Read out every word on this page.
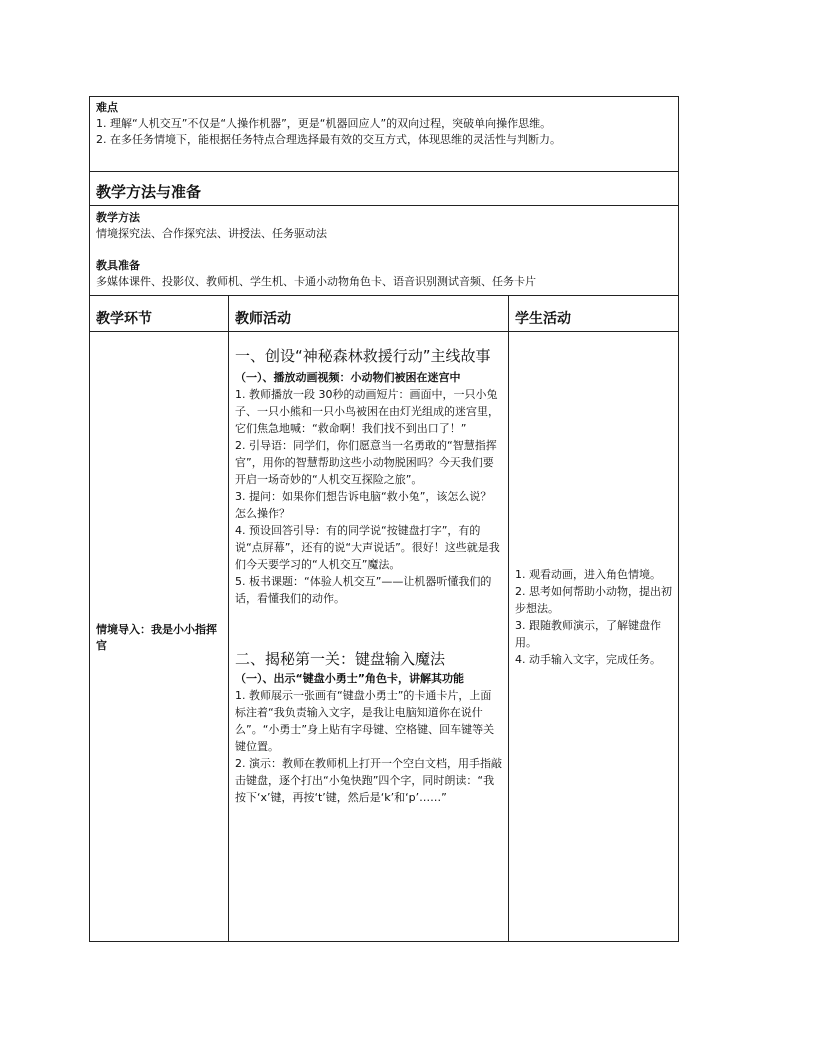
难点

1. 理解“人机交互”不仅是“人操作机器”，更是“机器回应人”的双向过程，突破单向操作思维。

2. 在多任务情境下，能根据任务特点合理选择最有效的交互方式，体现思维的灵活性与判断力。

教学方法与准备

教学方法

情境探究法、合作探究法、讲授法、任务驱动法

教具准备

多媒体课件、投影仪、教师机、学生机、卡通小动物角色卡、语音识别测试音频、任务卡片

教学环节	教师活动	学生活动

情境导入：我是小小指挥官

一、创设“神秘森林救援行动”主线故事

（一）、播放动画视频：小动物们被困在迷宫中

1. 教师播放一段 30秒的动画短片：画面中，一只小兔子、一只小熊和一只小鸟被困在由灯光组成的迷宫里，它们焦急地喊：“救命啊！我们找不到出口了！”

2. 引导语：同学们，你们愿意当一名勇敢的“智慧指挥官”，用你的智慧帮助这些小动物脱困吗？今天我们要开启一场奇妙的“人机交互探险之旅”。

3. 提问：如果你们想告诉电脑“救小兔”，该怎么说？怎么操作？

4. 预设回答引导：有的同学说“按键盘打字”，有的说“点屏幕”，还有的说“大声说话”。很好！这些就是我们今天要学习的“人机交互”魔法。

5. 板书课题：“体验人机交互”——让机器听懂我们的话，看懂我们的动作。

二、揭秘第一关：键盘输入魔法

（一）、出示“键盘小勇士”角色卡，讲解其功能

1. 教师展示一张画有“键盘小勇士”的卡通卡片，上面标注着“我负责输入文字，是我让电脑知道你在说什么”。“小勇士”身上贴有字母键、空格键、回车键等关键位置。

2. 演示：教师在教师机上打开一个空白文档，用手指敲击键盘，逐个打出“小兔快跑”四个字，同时朗读：“我按下‘x’键，再按‘t’键，然后是‘k’和‘p’……”

1. 观看动画，进入角色情境。

2. 思考如何帮助小动物，提出初步想法。

3. 跟随教师演示，了解键盘作用。

4. 动手输入文字，完成任务。
